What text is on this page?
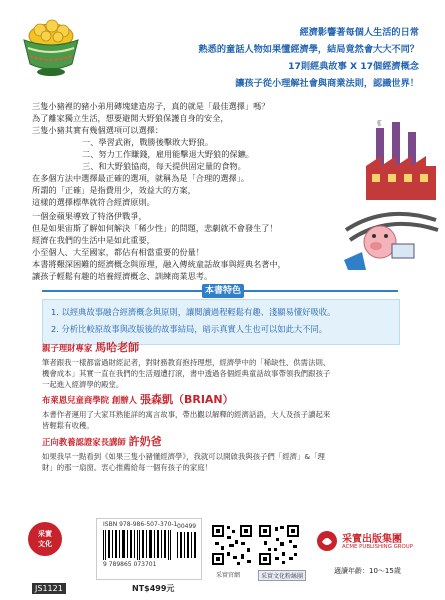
經濟影響著每個人生活的日常
熟悉的童話人物如果懂經濟學，結局竟然會大大不同？
17則經典故事 X 17個經濟概念
讓孩子從小理解社會與商業法則，認識世界！
三隻小豬裡的豬小弟用磚塊建造房子，真的就是「最佳選擇」嗎？
為了離家獨立生活，想要避開大野狼保護自身的安全，
三隻小豬其實有幾個選項可以選擇：
一、學習武術，戰勝後擊敗大野狼。
二、努力工作賺錢，雇用能擊退大野狼的保鑣。
三、和大野狼協商，每天提供固定量的食物。
在多個方法中選擇最正確的選項，就稱為是「合理的選擇」。
所謂的「正確」是指費用少，效益大的方案，
這樣的選擇標準就符合經濟原則。
一個金蘋果導致了特洛伊戰爭，
但是如果宙斯了解如何解決「稀少性」的問題，悲劇就不會發生了！
經濟在我們的生活中是如此重要，
小至個人、大至國家，都佔有相當重要的份量！
本書將艱深困難的經濟概念與原理，融入傳統童話故事與經典名著中，
讓孩子輕鬆有趣的培養經濟概念、訓練商業思考。
本書特色
1. 以經典故事融合經濟概念與原則，讓閱讀過程輕鬆有趣、淺顯易懂好吸收。
2. 分析比較原故事與改版後的故事結局，暗示真實人生也可以如此大不同。
親子理財專家 馬哈老師
筆者跟我一樣都當過財經記者，對財務教育抱持理想，經濟學中的「稀缺性、供需法則、
機會成本」其實一直在我們的生活週遭打滾，書中透過各個經典童話故事帶領我們跟孩子
一起進入經濟學的殿堂。
布萊恩兒童商學院 創辦人 張森凱（BRIAN）
本書作者運用了大家耳熟能詳的寓言故事，帶出觀以解釋的經濟話語，大人及孩子讀起來
皆輕鬆有收穫。
正向教養認證家長講師 許奶爸
如果我早一點看到《如果三隻小豬懂經濟學》，我就可以開啟我與孩子們「經濟」&「理
財」的那一扇窗。衷心推薦給每一個有孩子的家庭！
采實
文化
ISBN 978-986-507-370-1 00499
9 789865 073701
JS1121	NT$499元
采實官網	采實文化粉絲團
采實出版集團
ACME PUBLISHING GROUP
適讀年齡：10～15歲
